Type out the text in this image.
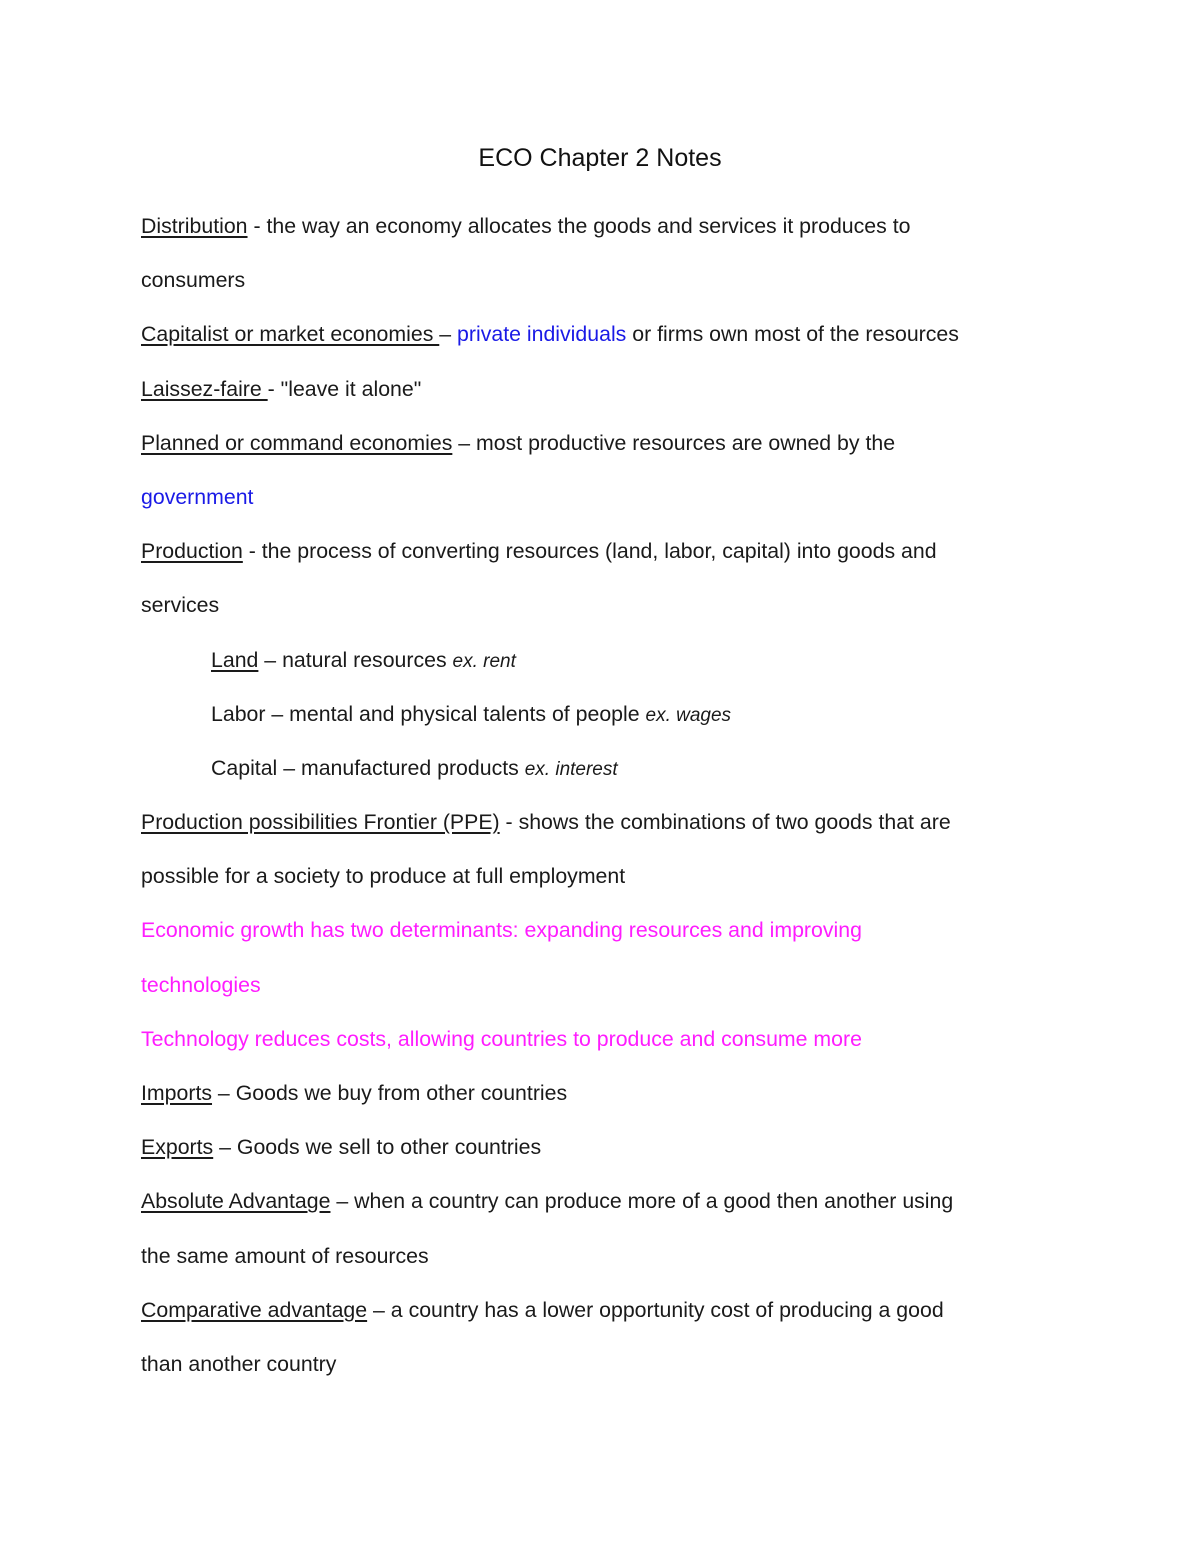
ECO Chapter 2 Notes
Distribution - the way an economy allocates the goods and services it produces to
consumers
Capitalist or market economies – private individuals or firms own most of the resources
Laissez-faire - "leave it alone"
Planned or command economies – most productive resources are owned by the
government
Production - the process of converting resources (land, labor, capital) into goods and
services
Land – natural resources ex. rent
Labor – mental and physical talents of people ex. wages
Capital – manufactured products ex. interest
Production possibilities Frontier (PPE) - shows the combinations of two goods that are
possible for a society to produce at full employment
Economic growth has two determinants: expanding resources and improving
technologies
Technology reduces costs, allowing countries to produce and consume more
Imports – Goods we buy from other countries
Exports – Goods we sell to other countries
Absolute Advantage – when a country can produce more of a good then another using
the same amount of resources
Comparative advantage – a country has a lower opportunity cost of producing a good
than another country
